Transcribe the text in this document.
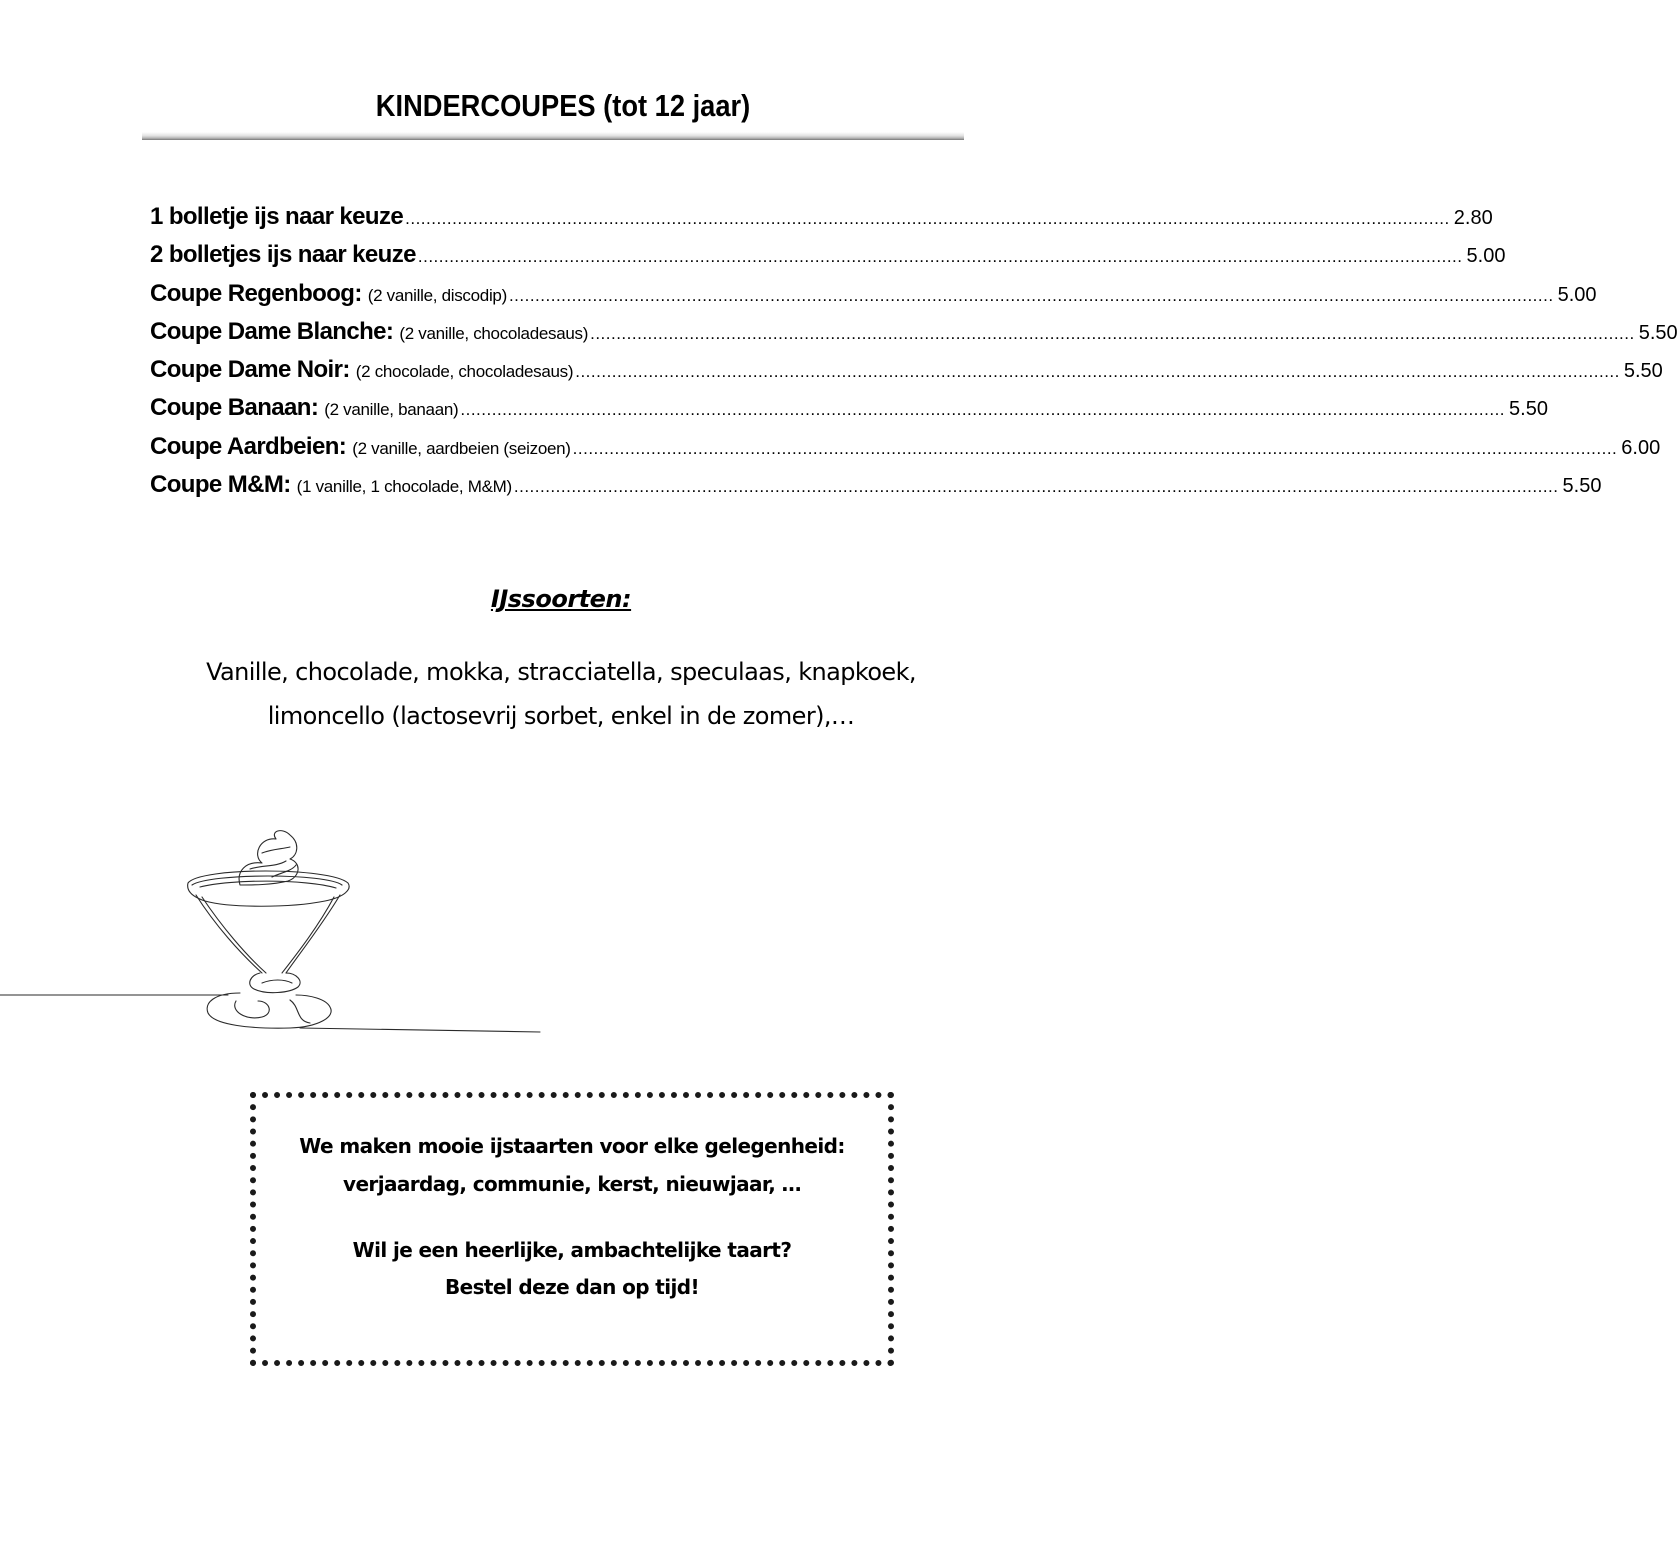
KINDERCOUPES (tot 12 jaar)
1 bolletje ijs naar keuze ........................................................................................................................................................................................................ 2.80
2 bolletjes ijs naar keuze ........................................................................................................................................................................................................ 5.00
Coupe Regenboog: (2 vanille, discodip) ........................................................................................................................................................................................................ 5.00
Coupe Dame Blanche: (2 vanille, chocoladesaus) ........................................................................................................................................................................................................ 5.50
Coupe Dame Noir: (2 chocolade, chocoladesaus) ........................................................................................................................................................................................................ 5.50
Coupe Banaan: (2 vanille, banaan) ........................................................................................................................................................................................................ 5.50
Coupe Aardbeien: (2 vanille, aardbeien (seizoen) ........................................................................................................................................................................................................ 6.00
Coupe M&M: (1 vanille, 1 chocolade, M&M) ........................................................................................................................................................................................................ 5.50
IJssoorten:
Vanille, chocolade, mokka, stracciatella, speculaas, knapkoek,
limoncello (lactosevrij sorbet, enkel in de zomer),…
We maken mooie ijstaarten voor elke gelegenheid:
verjaardag, communie, kerst, nieuwjaar, …
Wil je een heerlijke, ambachtelijke taart?
Bestel deze dan op tijd!
